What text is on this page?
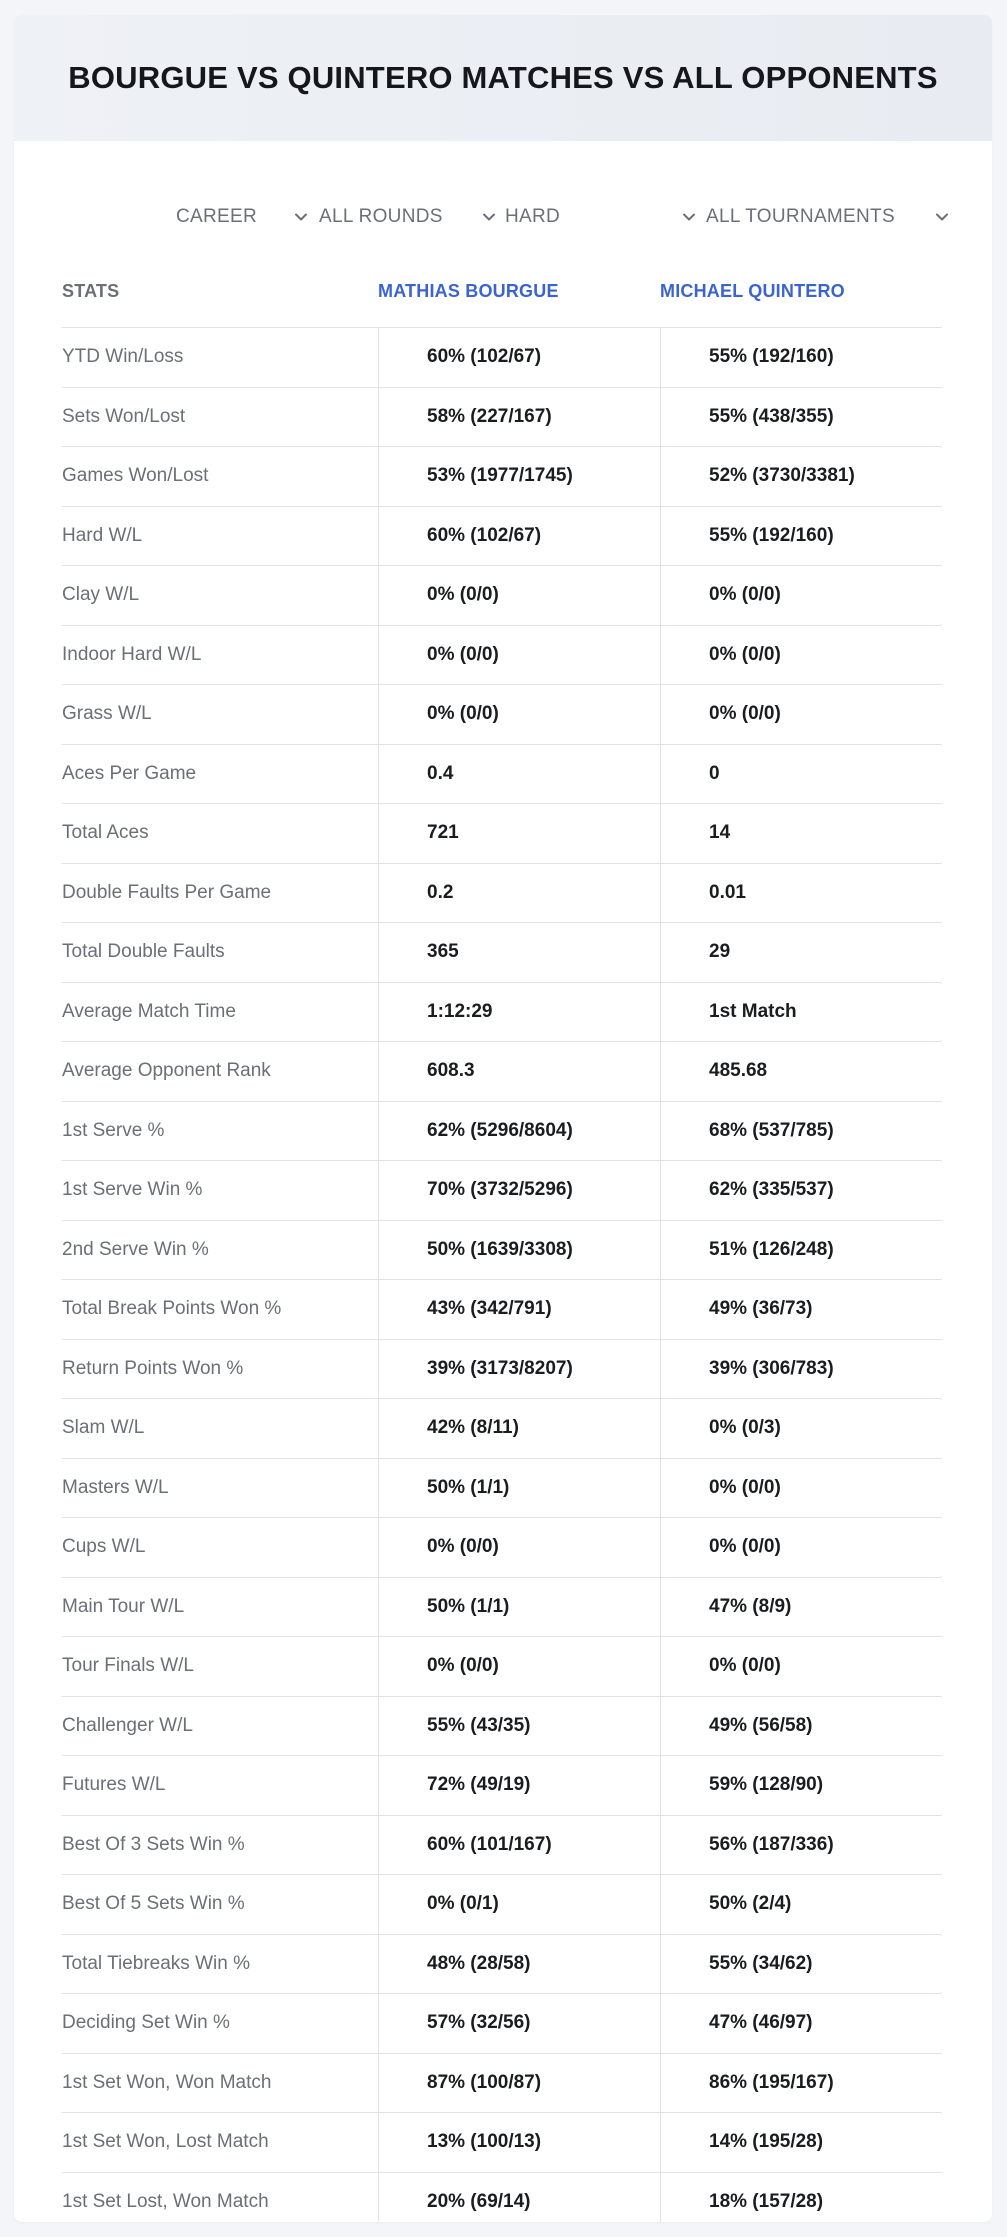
BOURGUE VS QUINTERO MATCHES VS ALL OPPONENTS
CAREER	ALL ROUNDS	HARD	ALL TOURNAMENTS
STATS	MATHIAS BOURGUE	MICHAEL QUINTERO
YTD Win/Loss	60% (102/67)	55% (192/160)
Sets Won/Lost	58% (227/167)	55% (438/355)
Games Won/Lost	53% (1977/1745)	52% (3730/3381)
Hard W/L	60% (102/67)	55% (192/160)
Clay W/L	0% (0/0)	0% (0/0)
Indoor Hard W/L	0% (0/0)	0% (0/0)
Grass W/L	0% (0/0)	0% (0/0)
Aces Per Game	0.4	0
Total Aces	721	14
Double Faults Per Game	0.2	0.01
Total Double Faults	365	29
Average Match Time	1:12:29	1st Match
Average Opponent Rank	608.3	485.68
1st Serve %	62% (5296/8604)	68% (537/785)
1st Serve Win %	70% (3732/5296)	62% (335/537)
2nd Serve Win %	50% (1639/3308)	51% (126/248)
Total Break Points Won %	43% (342/791)	49% (36/73)
Return Points Won %	39% (3173/8207)	39% (306/783)
Slam W/L	42% (8/11)	0% (0/3)
Masters W/L	50% (1/1)	0% (0/0)
Cups W/L	0% (0/0)	0% (0/0)
Main Tour W/L	50% (1/1)	47% (8/9)
Tour Finals W/L	0% (0/0)	0% (0/0)
Challenger W/L	55% (43/35)	49% (56/58)
Futures W/L	72% (49/19)	59% (128/90)
Best Of 3 Sets Win %	60% (101/167)	56% (187/336)
Best Of 5 Sets Win %	0% (0/1)	50% (2/4)
Total Tiebreaks Win %	48% (28/58)	55% (34/62)
Deciding Set Win %	57% (32/56)	47% (46/97)
1st Set Won, Won Match	87% (100/87)	86% (195/167)
1st Set Won, Lost Match	13% (100/13)	14% (195/28)
1st Set Lost, Won Match	20% (69/14)	18% (157/28)
